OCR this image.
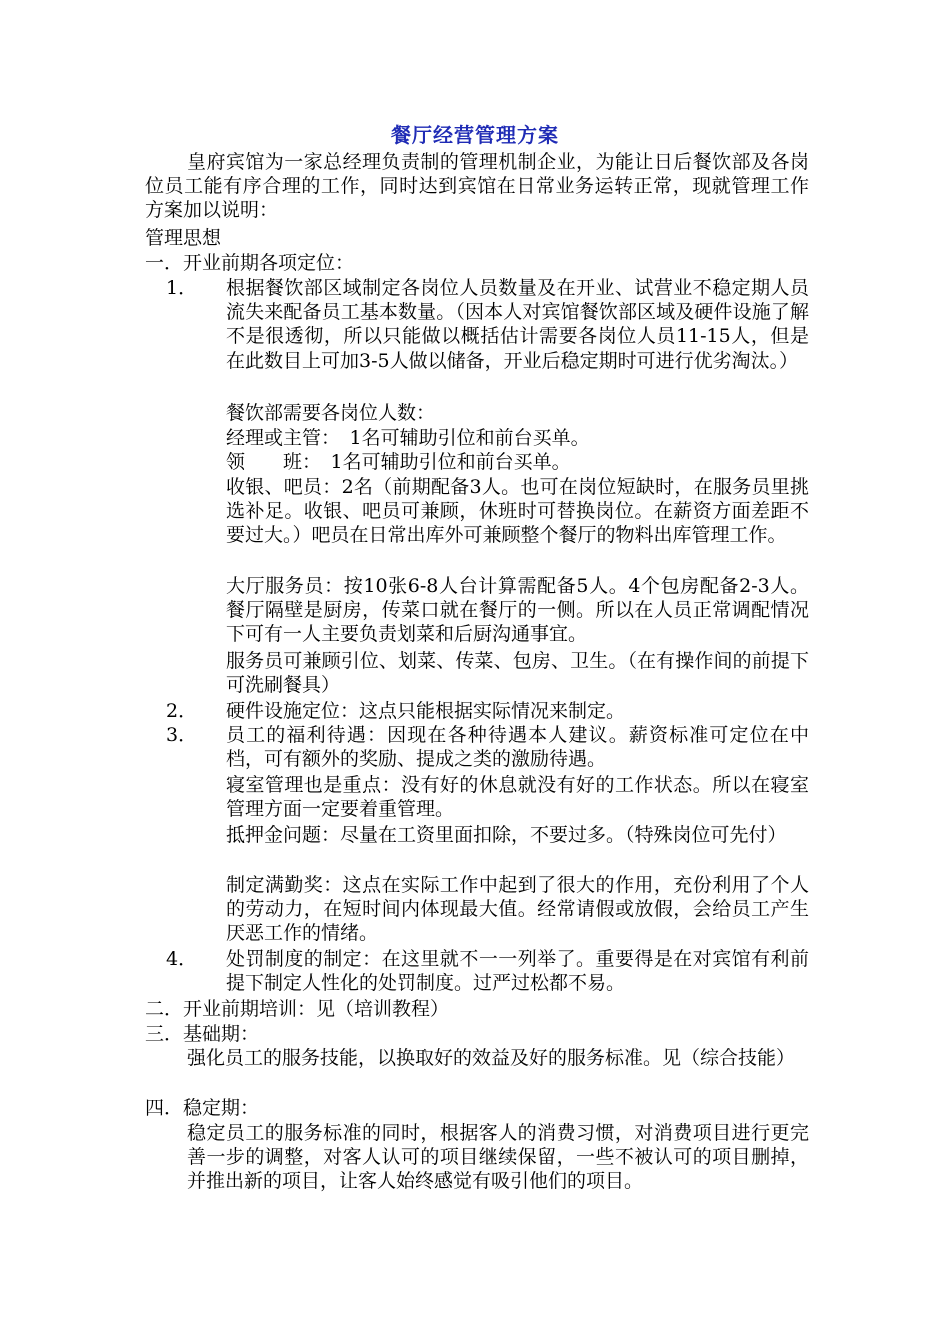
餐厅经营管理方案

皇府宾馆为一家总经理负责制的管理机制企业，为能让日后餐饮部及各岗位员工能有序合理的工作，同时达到宾馆在日常业务运转正常，现就管理工作方案加以说明：

管理思想

一．开业前期各项定位：

1． 根据餐饮部区域制定各岗位人员数量及在开业、试营业不稳定期人员流失来配备员工基本数量。（因本人对宾馆餐饮部区域及硬件设施了解不是很透彻，所以只能做以概括估计需要各岗位人员11-15人，但是在此数目上可加3-5人做以储备，开业后稳定期时可进行优劣淘汰。）

餐饮部需要各岗位人数：

经理或主管：　1名可辅助引位和前台买单。

领　　班：　1名可辅助引位和前台买单。

收银、吧员：2名（前期配备3人。也可在岗位短缺时，在服务员里挑选补足。收银、吧员可兼顾，休班时可替换岗位。在薪资方面差距不要过大。）吧员在日常出库外可兼顾整个餐厅的物料出库管理工作。

大厅服务员：按10张6-8人台计算需配备5人。4个包房配备2-3人。餐厅隔壁是厨房，传菜口就在餐厅的一侧。所以在人员正常调配情况下可有一人主要负责划菜和后厨沟通事宜。

服务员可兼顾引位、划菜、传菜、包房、卫生。（在有操作间的前提下可洗刷餐具）

2． 硬件设施定位：这点只能根据实际情况来制定。

3． 员工的福利待遇：因现在各种待遇本人建议。薪资标准可定位在中档，可有额外的奖励、提成之类的激励待遇。

寝室管理也是重点：没有好的休息就没有好的工作状态。所以在寝室管理方面一定要着重管理。

抵押金问题：尽量在工资里面扣除，不要过多。（特殊岗位可先付）

制定满勤奖：这点在实际工作中起到了很大的作用，充份利用了个人的劳动力，在短时间内体现最大值。经常请假或放假，会给员工产生厌恶工作的情绪。

4． 处罚制度的制定：在这里就不一一列举了。重要得是在对宾馆有利前提下制定人性化的处罚制度。过严过松都不易。

二．开业前期培训：见（培训教程）

三．基础期：

强化员工的服务技能，以换取好的效益及好的服务标准。见（综合技能）

四．稳定期：

稳定员工的服务标准的同时，根据客人的消费习惯，对消费项目进行更完善一步的调整，对客人认可的项目继续保留，一些不被认可的项目删掉，并推出新的项目，让客人始终感觉有吸引他们的项目。
